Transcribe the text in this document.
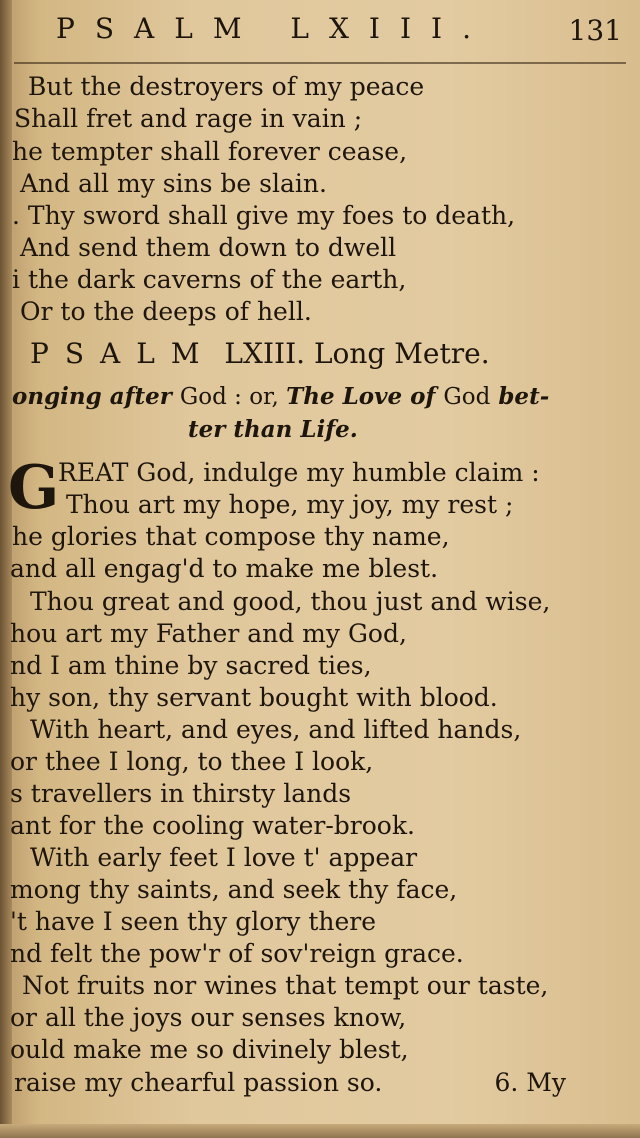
PSALM LXIII.	131
But the destroyers of my peace
Shall fret and rage in vain ;
he tempter shall forever cease,
And all my sins be slain.
. Thy sword shall give my foes to death,
And send them down to dwell
i the dark caverns of the earth,
Or to the deeps of hell.
PSALM LXIII. Long Metre.
onging after God : or, The Love of God bet-
ter than Life.
G
REAT God, indulge my humble claim :
Thou art my hope, my joy, my rest ;
he glories that compose thy name,
and all engag'd to make me blest.
Thou great and good, thou just and wise,
hou art my Father and my God,
nd I am thine by sacred ties,
hy son, thy servant bought with blood.
With heart, and eyes, and lifted hands,
or thee I long, to thee I look,
s travellers in thirsty lands
ant for the cooling water-brook.
With early feet I love t' appear
mong thy saints, and seek thy face,
't have I seen thy glory there
nd felt the pow'r of sov'reign grace.
Not fruits nor wines that tempt our taste,
or all the joys our senses know,
ould make me so divinely blest,
raise my chearful passion so.	6. My
